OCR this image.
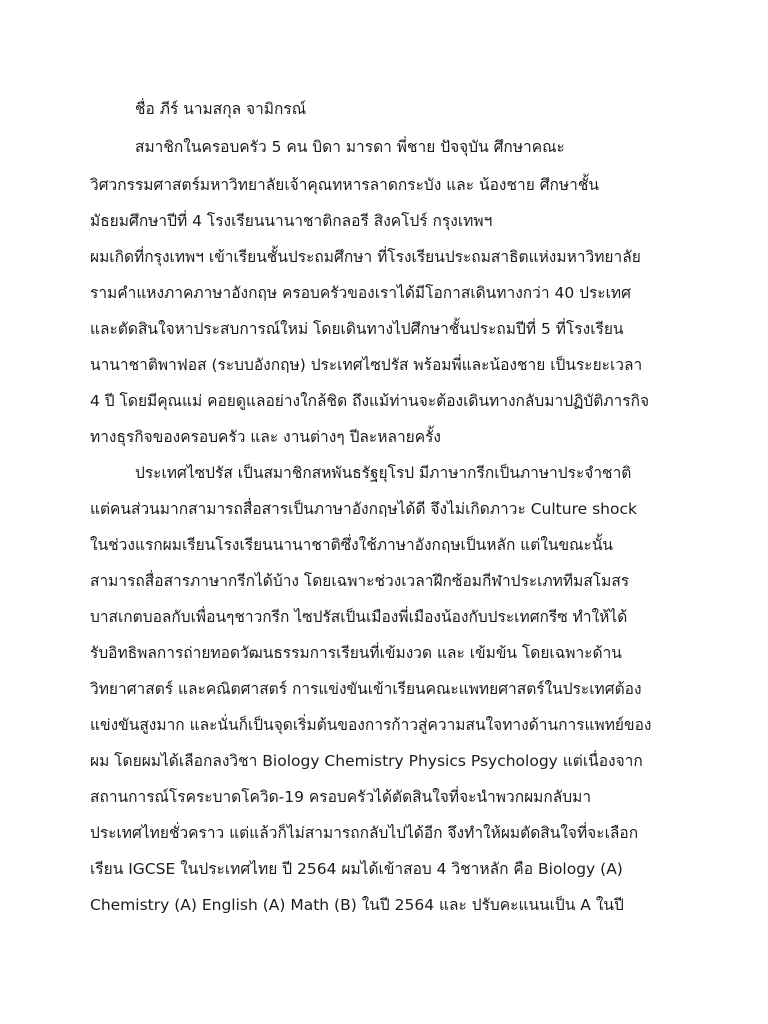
ชื่อ ภีร์ นามสกุล จามิกรณ์
สมาชิกในครอบครัว 5 คน บิดา มารดา พี่ชาย ปัจจุบัน ศึกษาคณะ
วิศวกรรมศาสตร์มหาวิทยาลัยเจ้าคุณทหารลาดกระบัง และ น้องชาย ศึกษาชั้น
มัธยมศึกษาปีที่ 4 โรงเรียนนานาชาติกลอรี สิงคโปร์ กรุงเทพฯ
ผมเกิดที่กรุงเทพฯ เข้าเรียนชั้นประถมศึกษา ที่โรงเรียนประถมสาธิตแห่งมหาวิทยาลัย
รามคำแหงภาคภาษาอังกฤษ ครอบครัวของเราได้มีโอกาสเดินทางกว่า 40 ประเทศ
และตัดสินใจหาประสบการณ์ใหม่ โดยเดินทางไปศึกษาชั้นประถมปีที่ 5 ที่โรงเรียน
นานาชาติพาฟอส (ระบบอังกฤษ) ประเทศไซปรัส พร้อมพี่และน้องชาย เป็นระยะเวลา
4 ปี โดยมีคุณแม่ คอยดูแลอย่างใกล้ชิด ถึงแม้ท่านจะต้องเดินทางกลับมาปฏิบัติภารกิจ
ทางธุรกิจของครอบครัว และ งานต่างๆ ปีละหลายครั้ง
ประเทศไซปรัส เป็นสมาชิกสหพันธรัฐยุโรป มีภาษากรีกเป็นภาษาประจำชาติ
แต่คนส่วนมากสามารถสื่อสารเป็นภาษาอังกฤษได้ดี จึงไม่เกิดภาวะ Culture shock
ในช่วงแรกผมเรียนโรงเรียนนานาชาติซึ่งใช้ภาษาอังกฤษเป็นหลัก แต่ในขณะนั้น
สามารถสื่อสารภาษากรีกได้บ้าง โดยเฉพาะช่วงเวลาฝึกซ้อมกีฬาประเภททีมสโมสร
บาสเกตบอลกับเพื่อนๆชาวกรีก ไซปรัสเป็นเมืองพี่เมืองน้องกับประเทศกรีซ ทำให้ได้
รับอิทธิพลการถ่ายทอดวัฒนธรรมการเรียนที่เข้มงวด และ เข้มข้น โดยเฉพาะด้าน
วิทยาศาสตร์ และคณิตศาสตร์ การแข่งขันเข้าเรียนคณะแพทยศาสตร์ในประเทศต้อง
แข่งขันสูงมาก และนั่นก็เป็นจุดเริ่มต้นของการก้าวสู่ความสนใจทางด้านการแพทย์ของ
ผม โดยผมได้เลือกลงวิชา Biology Chemistry Physics Psychology แต่เนื่องจาก
สถานการณ์โรคระบาดโควิด-19 ครอบครัวได้ตัดสินใจที่จะนำพวกผมกลับมา
ประเทศไทยชั่วคราว แต่แล้วก็ไม่สามารถกลับไปได้อีก จึงทำให้ผมตัดสินใจที่จะเลือก
เรียน IGCSE ในประเทศไทย ปี 2564 ผมได้เข้าสอบ 4 วิชาหลัก คือ Biology (A)
Chemistry (A) English (A) Math (B) ในปี 2564 และ ปรับคะแนนเป็น A ในปี
